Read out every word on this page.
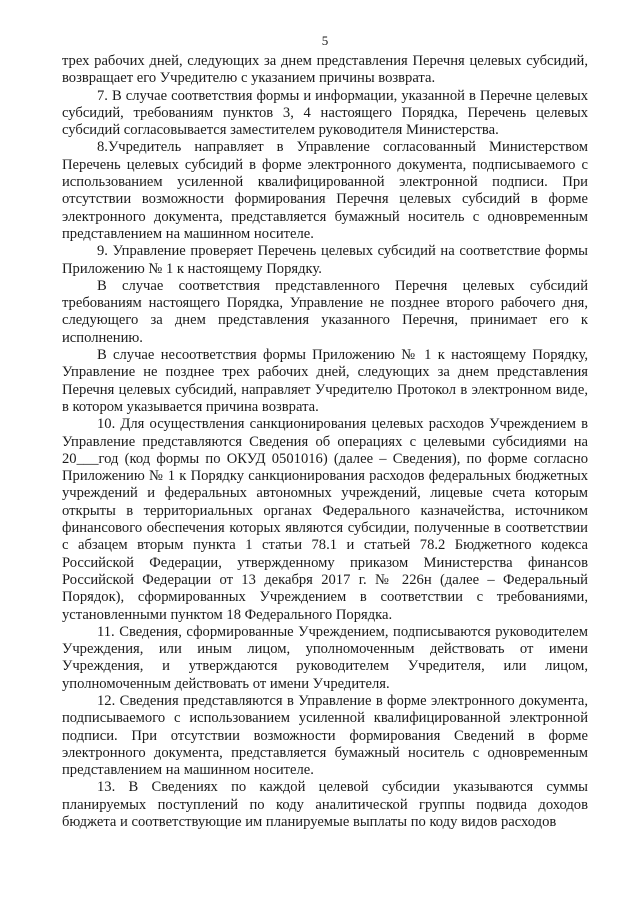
5

трех рабочих дней, следующих за днем представления Перечня целевых субсидий, возвращает его Учредителю с указанием причины возврата.

7. В случае соответствия формы и информации, указанной в Перечне целевых субсидий, требованиям пунктов 3, 4 настоящего Порядка, Перечень целевых субсидий согласовывается заместителем руководителя Министерства.

8.Учредитель направляет в Управление согласованный Министерством Перечень целевых субсидий в форме электронного документа, подписываемого с использованием усиленной квалифицированной электронной подписи. При отсутствии возможности формирования Перечня целевых субсидий в форме электронного документа, представляется бумажный носитель с одновременным представлением на машинном носителе.

9. Управление проверяет Перечень целевых субсидий на соответствие формы Приложению № 1 к настоящему Порядку.

В случае соответствия представленного Перечня целевых субсидий требованиям настоящего Порядка, Управление не позднее второго рабочего дня, следующего за днем представления указанного Перечня, принимает его к исполнению.

В случае несоответствия формы Приложению № 1 к настоящему Порядку, Управление не позднее трех рабочих дней, следующих за днем представления Перечня целевых субсидий, направляет Учредителю Протокол в электронном виде, в котором указывается причина возврата.

10. Для осуществления санкционирования целевых расходов Учреждением в Управление представляются Сведения об операциях с целевыми субсидиями на 20___год (код формы по ОКУД 0501016) (далее – Сведения), по форме согласно Приложению № 1 к Порядку санкционирования расходов федеральных бюджетных учреждений и федеральных автономных учреждений, лицевые счета которым открыты в территориальных органах Федерального казначейства, источником финансового обеспечения которых являются субсидии, полученные в соответствии с абзацем вторым пункта 1 статьи 78.1 и статьей 78.2 Бюджетного кодекса Российской Федерации, утвержденному приказом Министерства финансов Российской Федерации от 13 декабря 2017 г. № 226н (далее – Федеральный Порядок), сформированных Учреждением в соответствии с требованиями, установленными пунктом 18 Федерального Порядка.

11. Сведения, сформированные Учреждением, подписываются руководителем Учреждения, или иным лицом, уполномоченным действовать от имени Учреждения, и утверждаются руководителем Учредителя, или лицом, уполномоченным действовать от имени Учредителя.

12. Сведения представляются в Управление в форме электронного документа, подписываемого с использованием усиленной квалифицированной электронной подписи. При отсутствии возможности формирования Сведений в форме электронного документа, представляется бумажный носитель с одновременным представлением на машинном носителе.

13. В Сведениях по каждой целевой субсидии указываются суммы планируемых поступлений по коду аналитической группы подвида доходов бюджета и соответствующие им планируемые выплаты по коду видов расходов
